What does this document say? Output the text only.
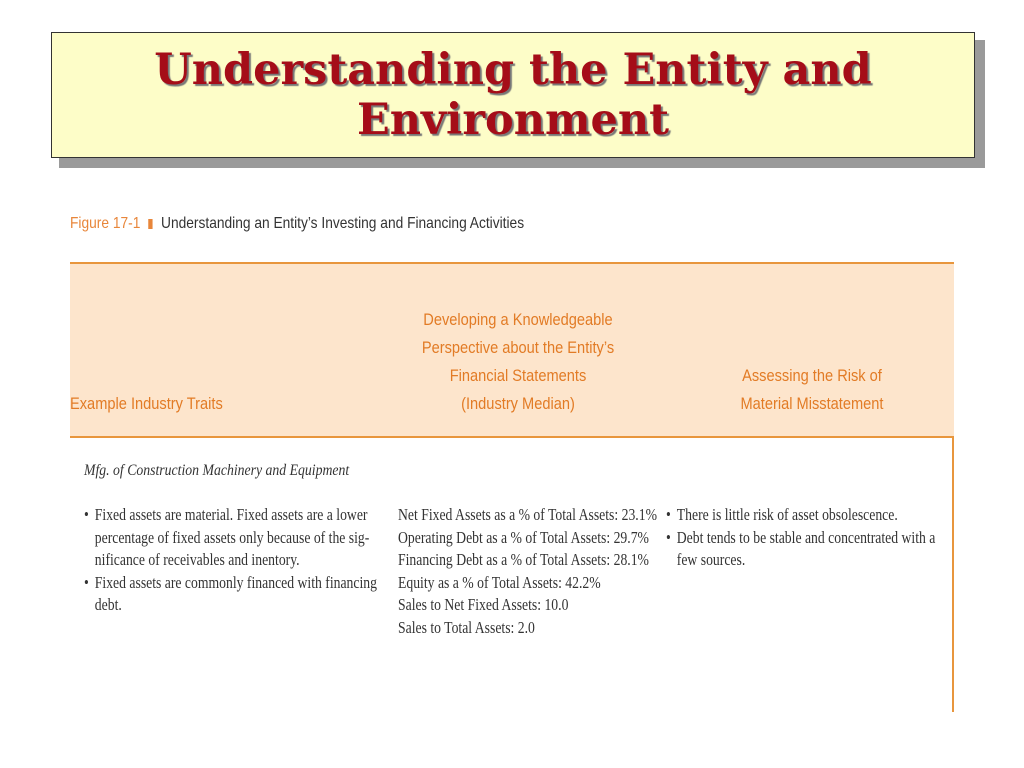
Understanding the Entity and
Environment
Figure 17-1 Understanding an Entity’s Investing and Financing Activities
Example Industry Traits
Developing a Knowledgeable
Perspective about the Entity’s
Financial Statements
(Industry Median)
Assessing the Risk of
Material Misstatement
Mfg. of Construction Machinery and Equipment
• Fixed assets are material. Fixed assets are a lower
percentage of fixed assets only because of the sig-
nificance of receivables and inentory.
• Fixed assets are commonly financed with financing
debt.
Net Fixed Assets as a % of Total Assets: 23.1%
Operating Debt as a % of Total Assets: 29.7%
Financing Debt as a % of Total Assets: 28.1%
Equity as a % of Total Assets: 42.2%
Sales to Net Fixed Assets: 10.0
Sales to Total Assets: 2.0
• There is little risk of asset obsolescence.
• Debt tends to be stable and concentrated with a
few sources.
